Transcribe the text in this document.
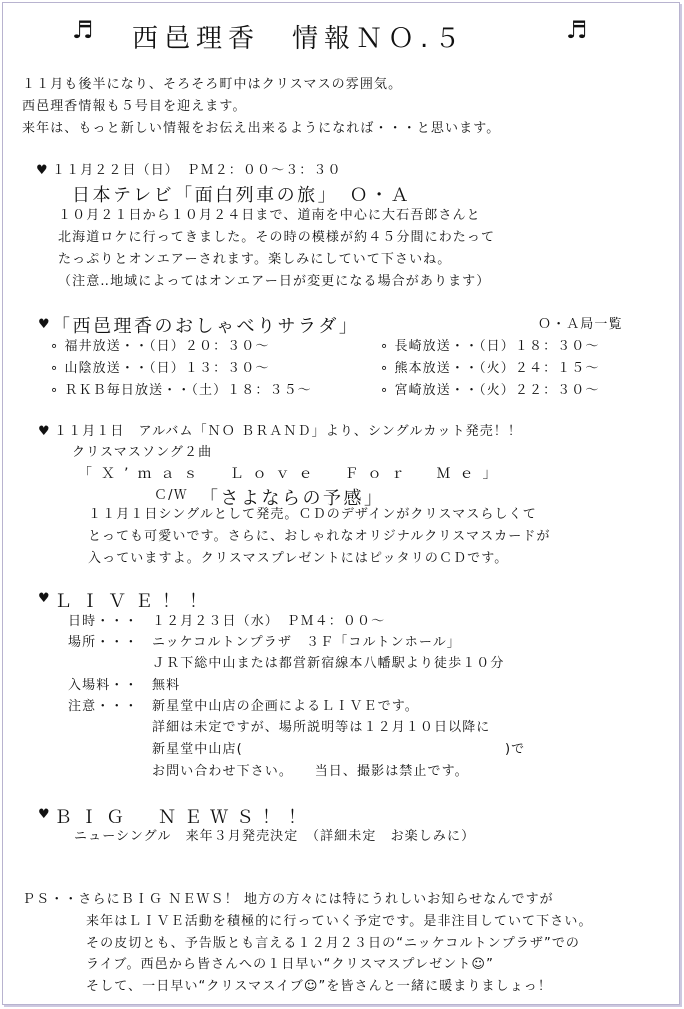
♬ 西邑理香　情報ＮＯ.５	♬
１１月も後半になり、そろそろ町中はクリスマスの雰囲気。
西邑理香情報も５号目を迎えます。
来年は、もっと新しい情報をお伝え出来るようになれば・・・と思います。
♥ １１月２２日（日）　ＰＭ２：００〜３：３０
日本テレビ「面白列車の旅」　Ｏ・Ａ
１０月２１日から１０月２４日まで、道南を中心に大石吾郎さんと
北海道ロケに行ってきました。その時の模様が約４５分間にわたって
たっぷりとオンエアーされます。楽しみにしていて下さいね。
（注意‥地域によってはオンエアー日が変更になる場合があります）
♥ 「西邑理香のおしゃべりサラダ」	Ｏ・Ａ局一覧
∘ 福井放送・・（日）２０：３０〜	∘ 長崎放送・・（日）１８：３０〜
∘ 山陰放送・・（日）１３：３０〜	∘ 熊本放送・・（火）２４：１５〜
∘ ＲＫＢ毎日放送・・（土）１８：３５〜	∘ 宮崎放送・・（火）２２：３０〜
♥ １１月１日　アルバム「ＮＯ ＢＲＡＮＤ」より、シングルカット発売！！
クリスマスソング２曲
「Ｘ’ｍａｓ　Ｌｏｖｅ　Ｆｏｒ　Ｍｅ」
Ｃ/Ｗ 「さよならの予感」
１１月１日シングルとして発売。ＣＤのデザインがクリスマスらしくて
とっても可愛いです。さらに、おしゃれなオリジナルクリスマスカードが
入っていますよ。クリスマスプレゼントにはピッタリのＣＤです。
♥ ＬＩＶＥ！！
日時・・・ １２月２３日（水）　ＰＭ４：００〜
場所・・・ ニッケコルトンプラザ　３Ｆ「コルトンホール」
ＪＲ下総中山または都営新宿線本八幡駅より徒歩１０分
入場料・・ 無料
注意・・・ 新星堂中山店の企画によるＬＩＶＥです。
詳細は未定ですが、場所説明等は１２月１０日以降に
新星堂中山店(	)で
お問い合わせ下さい。　　当日、撮影は禁止です。
♥ ＢＩＧ　ＮＥＷＳ！！
ニューシングル　来年３月発売決定　（詳細未定　お楽しみに）
ＰＳ・・さらにＢＩＧ ＮＥＷＳ！ 地方の方々には特にうれしいお知らせなんですが
来年はＬＩＶＥ活動を積極的に行っていく予定です。是非注目していて下さい。
その皮切とも、予告版とも言える１２月２３日の“ニッケコルトンプラザ”での
ライブ。西邑から皆さんへの１日早い“クリスマスプレゼント☺”
そして、一日早い“クリスマスイブ☺”を皆さんと一緒に暖まりましょっ！
